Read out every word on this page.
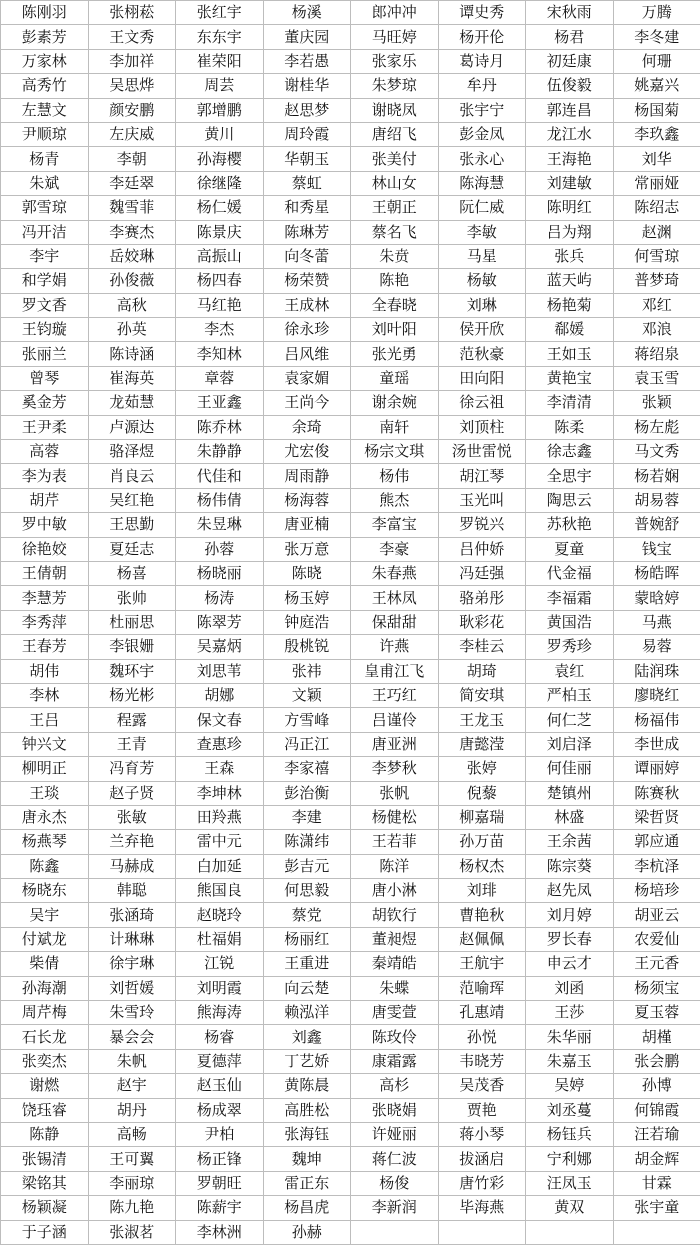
陈刚羽	张栩菘	张红宇	杨溪	郎冲冲	谭史秀	宋秋雨	万腾
彭素芳	王文秀	东东宇	董庆园	马旺婷	杨开伦	杨君	李冬建
万家林	李加祥	崔荣阳	李若愚	张家乐	葛诗月	初廷康	何珊
高秀竹	吴思烨	周芸	谢桂华	朱梦琼	牟丹	伍俊毅	姚嘉兴
左慧文	颜安鹏	郭增鹏	赵思梦	谢晓凤	张宇宁	郭连昌	杨国菊
尹顺琼	左庆威	黄川	周玲霞	唐绍飞	彭金凤	龙江水	李玖鑫
杨青	李朝	孙海樱	华朝玉	张美付	张永心	王海艳	刘华
朱斌	李廷翠	徐继隆	蔡虹	林山女	陈海慧	刘建敏	常丽娅
郭雪琼	魏雪菲	杨仁媛	和秀星	王朝正	阮仁威	陈明红	陈绍志
冯开洁	李赛杰	陈景庆	陈琳芳	蔡名飞	李敏	吕为翔	赵渊
李宇	岳姣琳	高振山	向冬蕾	朱贲	马星	张兵	何雪琼
和学娟	孙俊薇	杨四春	杨荣赞	陈艳	杨敏	蓝天屿	普梦琦
罗文香	高秋	马红艳	王成林	全春晓	刘琳	杨艳菊	邓红
王钧璇	孙英	李杰	徐永珍	刘叶阳	侯开欣	郗媛	邓浪
张丽兰	陈诗涵	李知林	吕风维	张光勇	范秋豪	王如玉	蒋绍泉
曾琴	崔海英	章蓉	袁家媚	童瑶	田向阳	黄艳宝	袁玉雪
奚金芳	龙茹慧	王亚鑫	王尚今	谢余婉	徐云祖	李清清	张颖
王尹柔	卢源达	陈乔林	余琦	南轩	刘顶柱	陈柔	杨左彪
高蓉	骆泽煜	朱静静	尤宏俊	杨宗文琪	汤世雷悦	徐志鑫	马文秀
李为表	肖良云	代佳和	周雨静	杨伟	胡江琴	全思宇	杨若娴
胡芹	吴红艳	杨伟倩	杨海蓉	熊杰	玉光叫	陶思云	胡易蓉
罗中敏	王思勤	朱昱琳	唐亚楠	李富宝	罗锐兴	苏秋艳	普婉舒
徐艳姣	夏廷志	孙蓉	张万意	李豪	吕仲娇	夏童	钱宝
王倩朝	杨喜	杨晓丽	陈晓	朱春燕	冯廷强	代金福	杨皓晖
李慧芳	张帅	杨涛	杨玉婷	王林凤	骆弟彤	李福霜	蒙晗婷
李秀萍	杜丽思	陈翠芳	钟庭浩	保甜甜	耿彩花	黄国浩	马燕
王春芳	李银姗	吴嘉炳	殷桃锐	许燕	李桂云	罗秀珍	易蓉
胡伟	魏环宇	刘思苇	张祎	皇甫江飞	胡琦	袁红	陆润珠
李林	杨光彬	胡娜	文颖	王巧红	简安琪	严柏玉	廖晓红
王吕	程露	保文春	方雪峰	吕谨伶	王龙玉	何仁芝	杨福伟
钟兴文	王青	查惠珍	冯正江	唐亚洲	唐懿滢	刘启泽	李世成
柳明正	冯育芳	王森	李家禧	李梦秋	张婷	何佳丽	谭丽婷
王琰	赵子贤	李坤林	彭治衡	张帆	倪藜	楚镇州	陈赛秋
唐永杰	张敏	田羚燕	李建	杨健松	柳嘉瑞	林盛	梁哲贤
杨燕琴	兰弃艳	雷中元	陈潇纬	王若菲	孙万苗	王余茜	郭应通
陈鑫	马赫成	白加延	彭吉元	陈洋	杨权杰	陈宗葵	李杭泽
杨晓东	韩聪	熊国良	何思毅	唐小淋	刘琲	赵先凤	杨培珍
吴宇	张涵琦	赵晓玲	蔡党	胡钦行	曹艳秋	刘月婷	胡亚云
付斌龙	计琳琳	杜福娟	杨丽红	董昶煜	赵佩佩	罗长春	农爱仙
柴倩	徐宇琳	江锐	王重进	秦靖皓	王航宇	申云才	王元香
孙海潮	刘哲媛	刘明霞	向云楚	朱蝶	范喻珲	刘函	杨须宝
周芹梅	朱雪玲	熊海涛	赖泓洋	唐雯萱	孔惠靖	王莎	夏玉蓉
石长龙	暴会会	杨睿	刘鑫	陈玫伶	孙悦	朱华丽	胡槿
张奕杰	朱帆	夏德萍	丁艺娇	康霜露	韦晓芳	朱嘉玉	张会鹏
谢燃	赵宇	赵玉仙	黄陈晨	高杉	吴茂香	吴婷	孙博
饶珏睿	胡丹	杨成翠	高胜松	张晓娟	贾艳	刘丞蔓	何锦霞
陈静	高畅	尹柏	张海钰	许娅丽	蒋小琴	杨钰兵	汪若瑜
张锡清	王可翼	杨正锋	魏坤	蒋仁波	拔涵启	宁利娜	胡金辉
梁铭其	李丽琼	罗朝旺	雷正东	杨俊	唐竹彩	汪凤玉	甘霖
杨颖凝	陈九艳	陈薪宇	杨昌虎	李新润	毕海燕	黄双	张宇童
于子涵	张淑茗	李林洲	孙赫				
